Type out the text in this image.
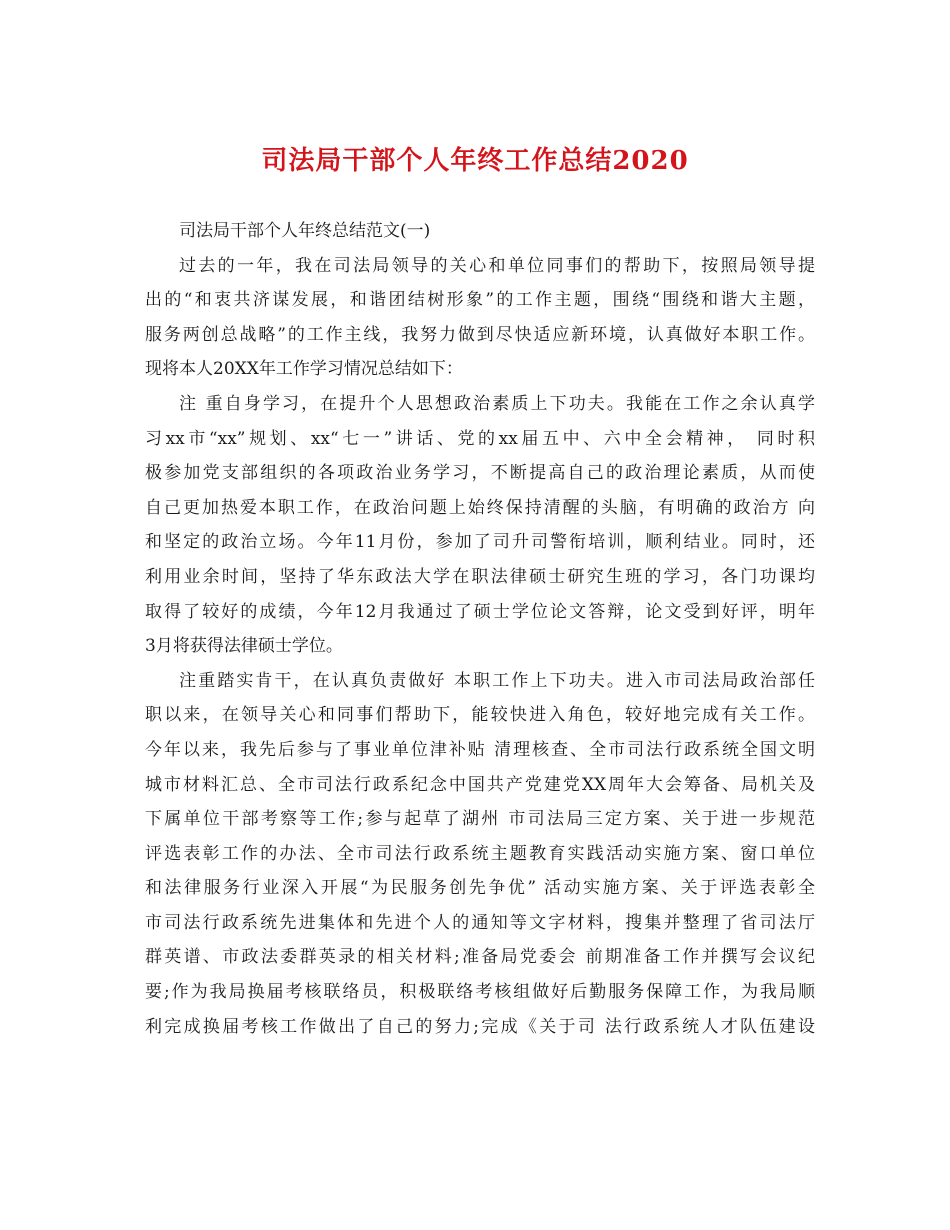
司法局干部个人年终工作总结2020
司法局干部个人年终总结范文(一)
过去的一年，我在司法局领导的关心和单位同事们的帮助下，按照局领导提
出的“和衷共济谋发展，和谐团结树形象”的工作主题，围绕“围绕和谐大主题，
服务两创总战略”的工作主线，我努力做到尽快适应新环境，认真做好本职工作。
现将本人20XX年工作学习情况总结如下：
注 重自身学习，在提升个人思想政治素质上下功夫。我能在工作之余认真学
习xx市“xx”规划、xx“七一”讲话、党的xx届五中、六中全会精神， 同时积
极参加党支部组织的各项政治业务学习，不断提高自己的政治理论素质，从而使
自己更加热爱本职工作，在政治问题上始终保持清醒的头脑，有明确的政治方 向
和坚定的政治立场。今年11月份，参加了司升司警衔培训，顺利结业。同时，还
利用业余时间，坚持了华东政法大学在职法律硕士研究生班的学习，各门功课均
取得了较好的成绩，今年12月我通过了硕士学位论文答辩，论文受到好评，明年
3月将获得法律硕士学位。
注重踏实肯干，在认真负责做好 本职工作上下功夫。进入市司法局政治部任
职以来，在领导关心和同事们帮助下，能较快进入角色，较好地完成有关工作。
今年以来，我先后参与了事业单位津补贴 清理核查、全市司法行政系统全国文明
城市材料汇总、全市司法行政系纪念中国共产党建党XX周年大会筹备、局机关及
下属单位干部考察等工作;参与起草了湖州 市司法局三定方案、关于进一步规范
评选表彰工作的办法、全市司法行政系统主题教育实践活动实施方案、窗口单位
和法律服务行业深入开展“为民服务创先争优” 活动实施方案、关于评选表彰全
市司法行政系统先进集体和先进个人的通知等文字材料，搜集并整理了省司法厅
群英谱、市政法委群英录的相关材料;准备局党委会 前期准备工作并撰写会议纪
要;作为我局换届考核联络员，积极联络考核组做好后勤服务保障工作，为我局顺
利完成换届考核工作做出了自己的努力;完成《关于司 法行政系统人才队伍建设
